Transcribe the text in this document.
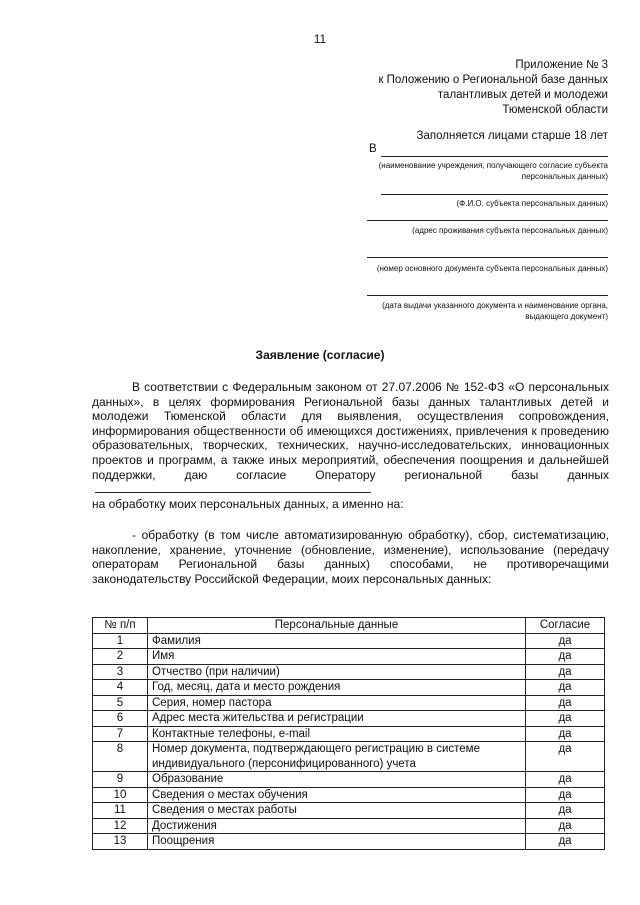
11
Приложение № 3
к Положению о Региональной базе данных
талантливых детей и молодежи
Тюменской области
Заполняется лицами старше 18 лет
В
(наименование учреждения, получающего согласие субъекта персональных данных)
(Ф.И.О. субъекта персональных данных)
(адрес проживания субъекта персональных данных)
(номер основного документа субъекта персональных данных)
(дата выдачи указанного документа и наименование органа, выдающего документ)
Заявление (согласие)

В соответствии с Федеральным законом от 27.07.2006 № 152-ФЗ «О персональных данных», в целях формирования Региональной базы данных талантливых детей и молодежи Тюменской области для выявления, осуществления сопровождения, информирования общественности об имеющихся достижениях, привлечения к проведению образовательных, творческих, технических, научно-исследовательских, инновационных проектов и программ, а также иных мероприятий, обеспечения поощрения и дальнейшей поддержки, даю согласие Оператору региональной базы данных

на обработку моих персональных данных, а именно на:

- обработку (в том числе автоматизированную обработку), сбор, систематизацию, накопление, хранение, уточнение (обновление, изменение), использование (передачу операторам Региональной базы данных) способами, не противоречащими законодательству Российской Федерации, моих персональных данных:

№ п/п	Персональные данные	Согласие
1	Фамилия	да
2	Имя	да
3	Отчество (при наличии)	да
4	Год, месяц, дата и место рождения	да
5	Серия, номер пастора	да
6	Адрес места жительства и регистрации	да
7	Контактные телефоны, e-mail	да
8	Номер документа, подтверждающего регистрацию в системе индивидуального (персонифицированного) учета	да
9	Образование	да
10	Сведения о местах обучения	да
11	Сведения о местах работы	да
12	Достижения	да
13	Поощрения	да
